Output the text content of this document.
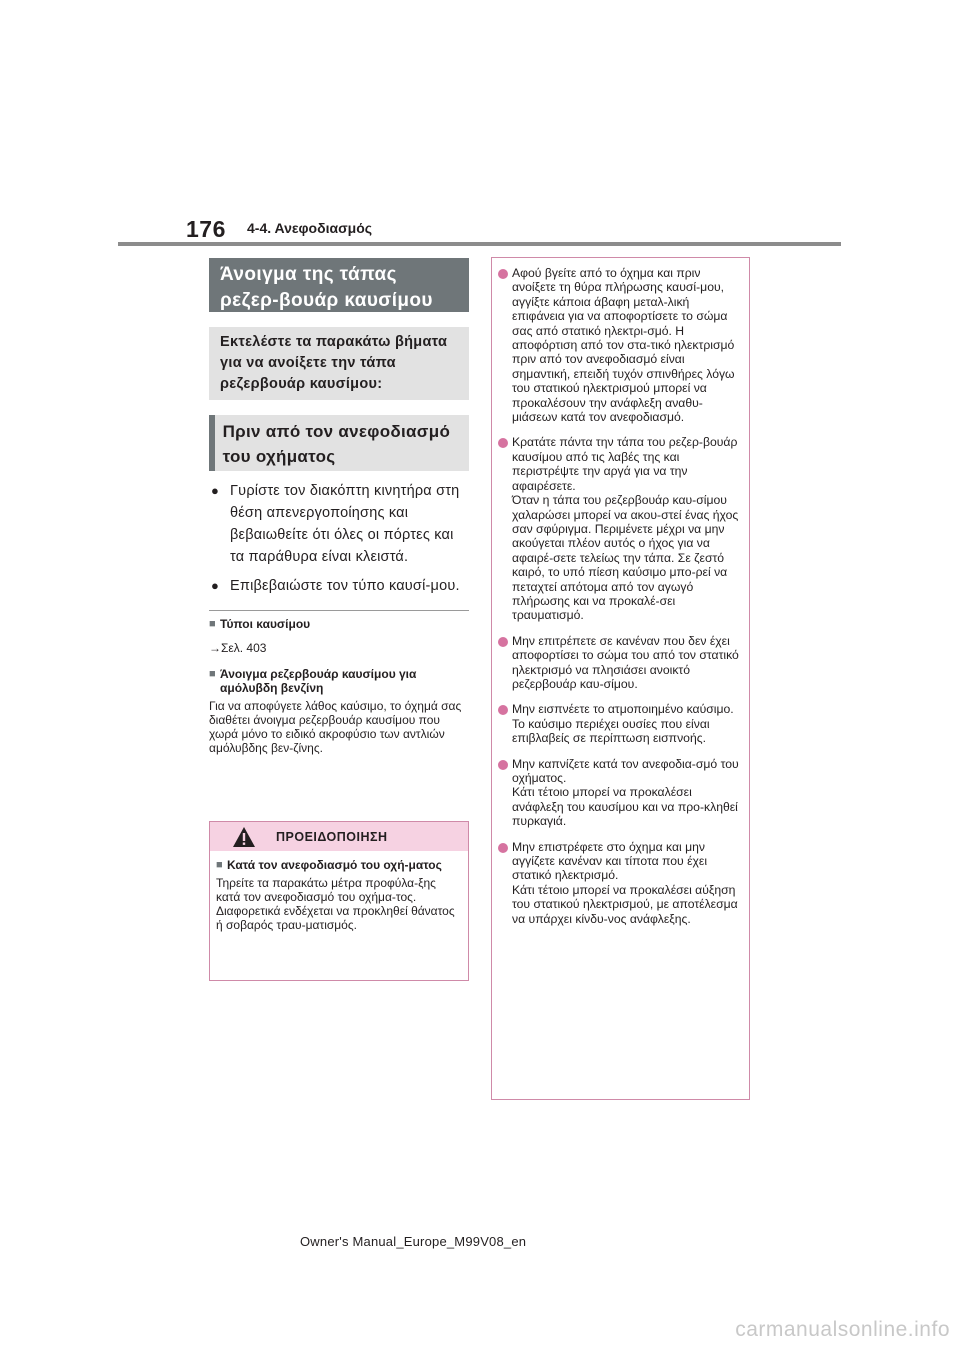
176 4-4. Ανεφοδιασμός
Άνοιγμα της τάπας ρεζερ-βουάρ καυσίμου
Εκτελέστε τα παρακάτω βήματα για να ανοίξετε την τάπα ρεζερβουάρ καυσίμου:
Πριν από τον ανεφοδιασμό του οχήματος
● Γυρίστε τον διακόπτη κινητήρα στη θέση απενεργοποίησης και βεβαιωθείτε ότι όλες οι πόρτες και τα παράθυρα είναι κλειστά.
● Επιβεβαιώστε τον τύπο καυσί-μου.
■ Τύποι καυσίμου
→Σελ. 403
■ Άνοιγμα ρεζερβουάρ καυσίμου για αμόλυβδη βενζίνη
Για να αποφύγετε λάθος καύσιμο, το όχημά σας διαθέτει άνοιγμα ρεζερβουάρ καυσίμου που χωρά μόνο το ειδικό ακροφύσιο των αντλιών αμόλυβδης βεν-ζίνης.
ΠΡΟΕΙΔΟΠΟΙΗΣΗ
■ Κατά τον ανεφοδιασμό του οχή-ματος
Τηρείτε τα παρακάτω μέτρα προφύλα-ξης κατά τον ανεφοδιασμό του οχήμα-τος. Διαφορετικά ενδέχεται να προκληθεί θάνατος ή σοβαρός τραυ-ματισμός.
Αφού βγείτε από το όχημα και πριν ανοίξετε τη θύρα πλήρωσης καυσί-μου, αγγίξτε κάποια άβαφη μεταλ-λική επιφάνεια για να αποφορτίσετε το σώμα σας από στατικό ηλεκτρι-σμό. Η αποφόρτιση από τον στα-τικό ηλεκτρισμό πριν από τον ανεφοδιασμό είναι σημαντική, επειδή τυχόν σπινθήρες λόγω του στατικού ηλεκτρισμού μπορεί να προκαλέσουν την ανάφλεξη αναθυ-μιάσεων κατά τον ανεφοδιασμό.
Κρατάτε πάντα την τάπα του ρεζερ-βουάρ καυσίμου από τις λαβές της και περιστρέψτε την αργά για να την αφαιρέσετε.
Όταν η τάπα του ρεζερβουάρ καυ-σίμου χαλαρώσει μπορεί να ακου-στεί ένας ήχος σαν σφύριγμα. Περιμένετε μέχρι να μην ακούγεται πλέον αυτός ο ήχος για να αφαιρέ-σετε τελείως την τάπα. Σε ζεστό καιρό, το υπό πίεση καύσιμο μπο-ρεί να πεταχτεί απότομα από τον αγωγό πλήρωσης και να προκαλέ-σει τραυματισμό.
Μην επιτρέπετε σε κανέναν που δεν έχει αποφορτίσει το σώμα του από τον στατικό ηλεκτρισμό να πλησιάσει ανοικτό ρεζερβουάρ καυ-σίμου.
Μην εισπνέετε το ατμοποιημένο καύσιμο.
Το καύσιμο περιέχει ουσίες που είναι επιβλαβείς σε περίπτωση εισπνοής.
Μην καπνίζετε κατά τον ανεφοδια-σμό του οχήματος.
Κάτι τέτοιο μπορεί να προκαλέσει ανάφλεξη του καυσίμου και να προ-κληθεί πυρκαγιά.
Μην επιστρέφετε στο όχημα και μην αγγίζετε κανέναν και τίποτα που έχει στατικό ηλεκτρισμό.
Κάτι τέτοιο μπορεί να προκαλέσει αύξηση του στατικού ηλεκτρισμού, με αποτέλεσμα να υπάρχει κίνδυ-νος ανάφλεξης.
Owner's Manual_Europe_M99V08_en
carmanualsonline.info
